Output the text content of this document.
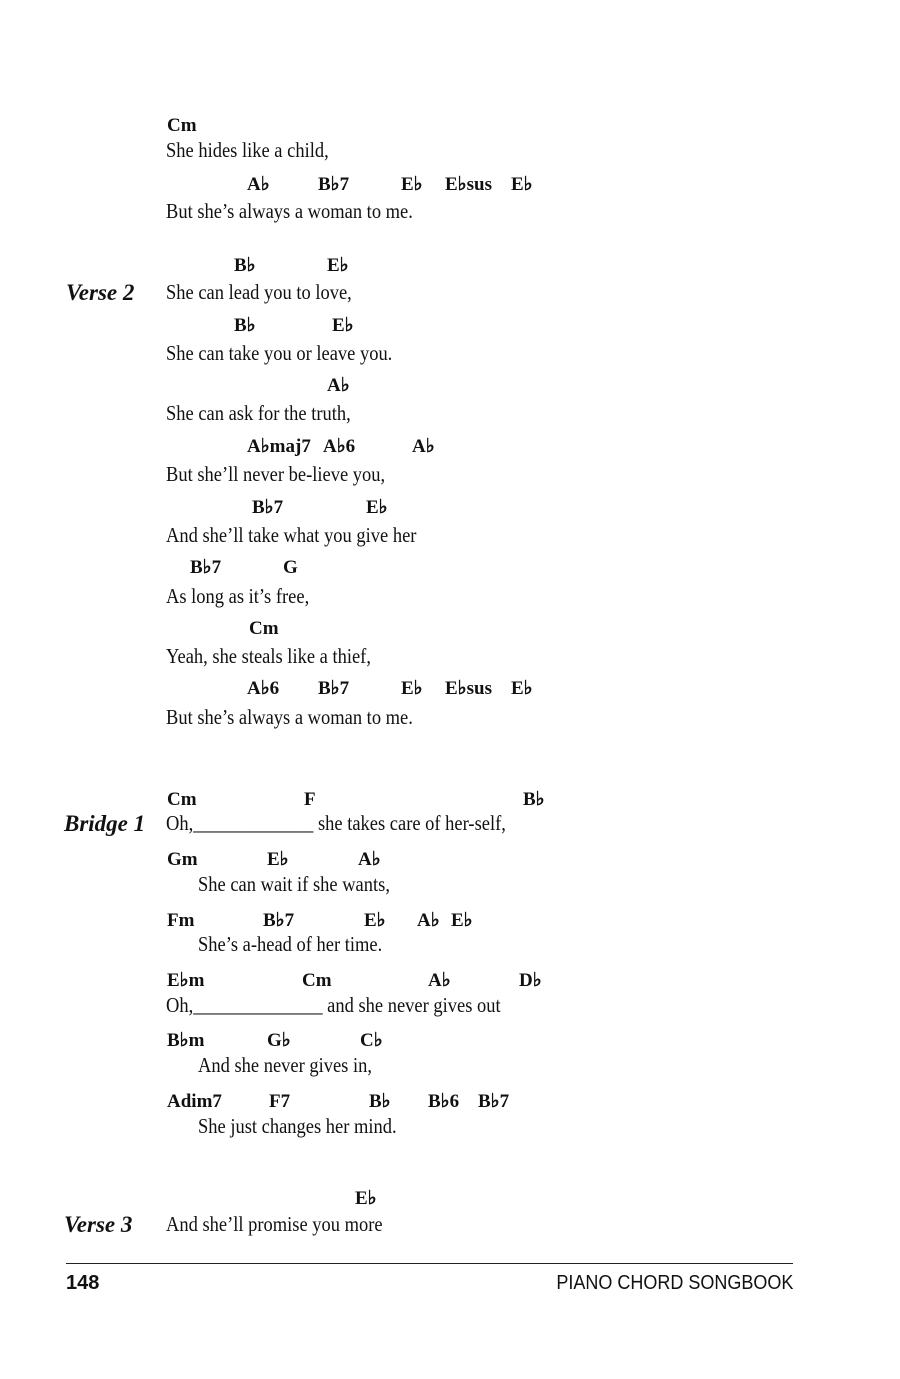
Cm
She hides like a child,
A♭	B♭7	E♭ E♭sus E♭
But she’s always a woman to me.
Verse 2
B♭	E♭
She can lead you to love,
B♭	E♭
She can take you or leave you.
A♭
She can ask for the truth,
A♭maj7 A♭6	A♭
But she’ll never be-lieve you,
B♭7	E♭
And she’ll take what you give her
B♭7	G
As long as it’s free,
Cm
Yeah, she steals like a thief,
A♭6 B♭7	E♭ E♭sus E♭
But she’s always a woman to me.
Bridge 1
Cm	F	B♭
Oh,_____________ she takes care of her-self,
Gm	E♭	A♭
She can wait if she wants,
Fm	B♭7	E♭ A♭ E♭
She’s a-head of her time.
E♭m	Cm	A♭	D♭
Oh,______________ and she never gives out
B♭m	G♭	C♭
And she never gives in,
Adim7 F7	B♭ B♭6 B♭7
She just changes her mind.
Verse 3
E♭
And she’ll promise you more
148	PIANO CHORD SONGBOOK
